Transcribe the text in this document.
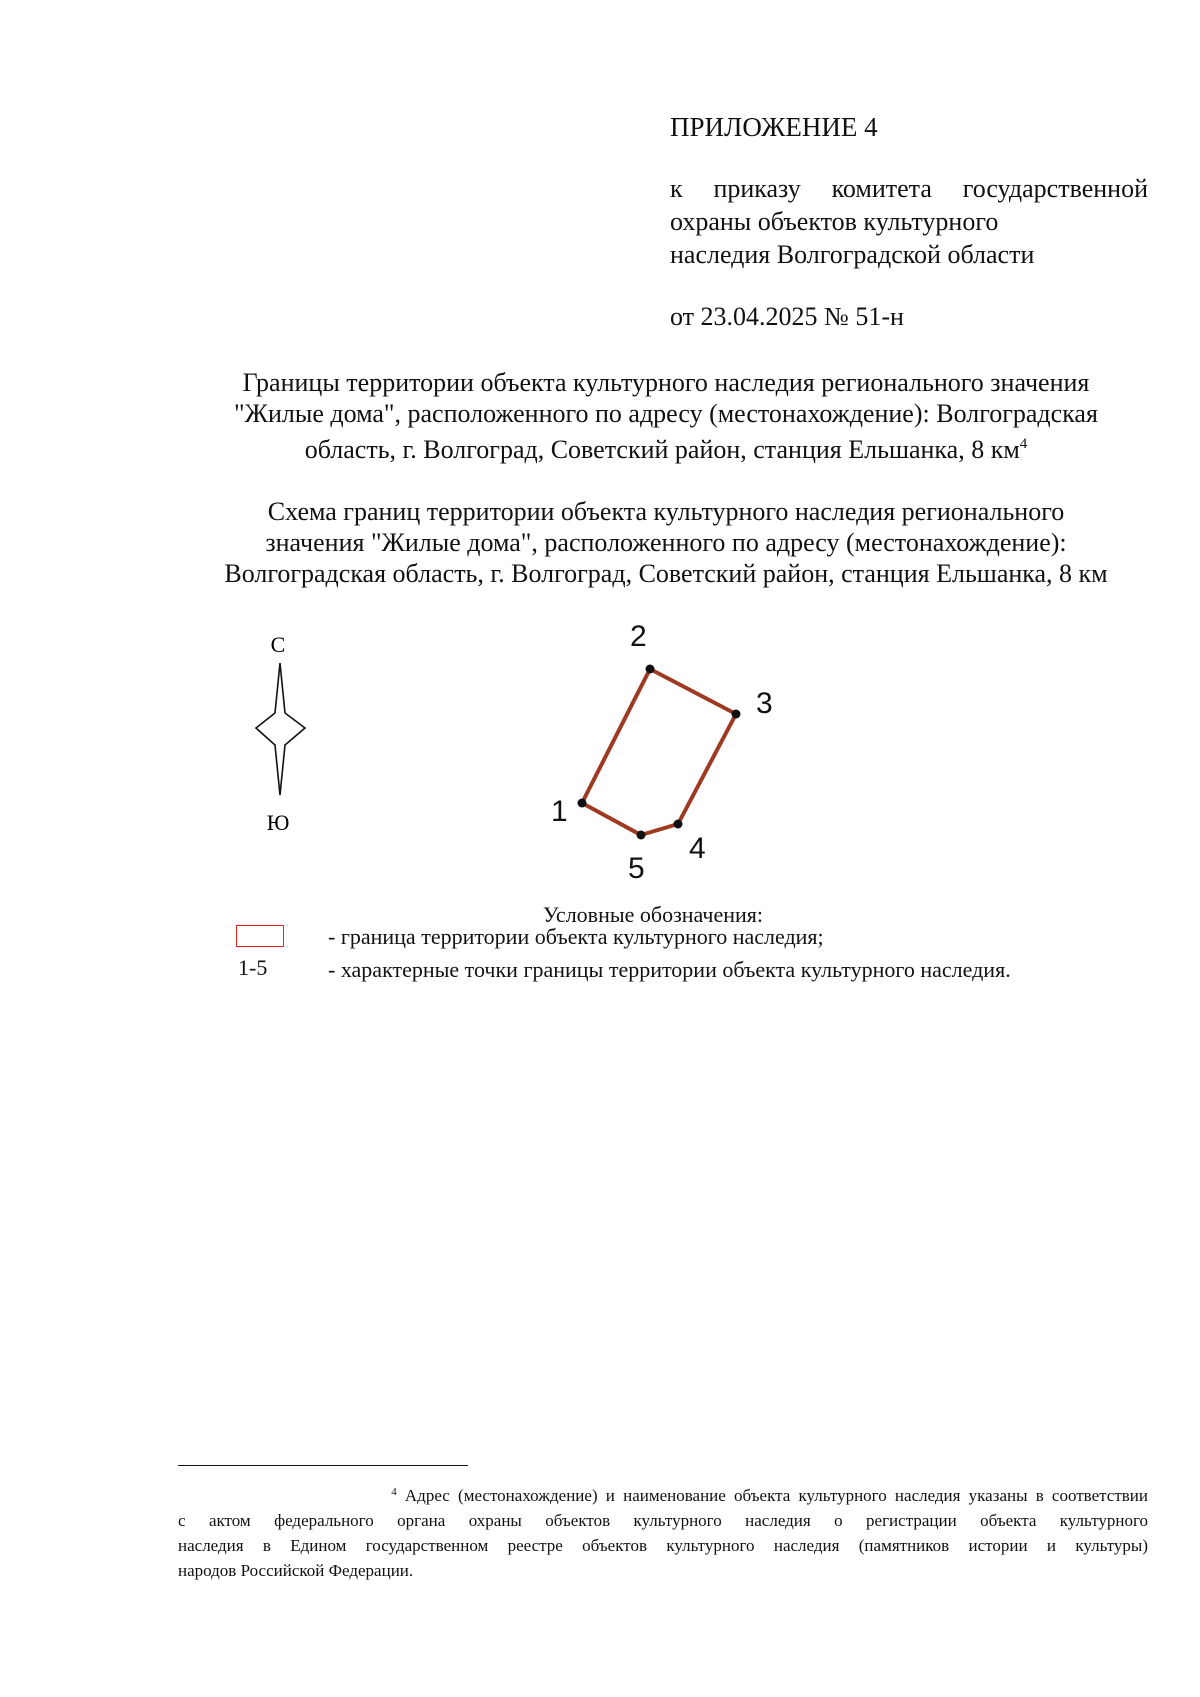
ПРИЛОЖЕНИЕ 4
к приказу комитета государственной
охраны объектов культурного
наследия Волгоградской области
от 23.04.2025 № 51-н
Границы территории объекта культурного наследия регионального значения
"Жилые дома", расположенного по адресу (местонахождение): Волгоградская
область, г. Волгоград, Советский район, станция Ельшанка, 8 $км^4$
Схема границ территории объекта культурного наследия регионального
значения "Жилые дома", расположенного по адресу (местонахождение):
Волгоградская область, г. Волгоград, Советский район, станция Ельшанка, 8 км
С
Ю	1
2
3
4
5
Условные обозначения:
- граница территории объекта культурного наследия;
1-5	- характерные точки границы территории объекта культурного наследия.
$^4$ Адрес (местонахождение) и наименование объекта культурного наследия указаны в соответствии
с актом федерального органа охраны объектов культурного наследия о регистрации объекта культурного
наследия в Едином государственном реестре объектов культурного наследия (памятников истории и культуры)
народов Российской Федерации.
